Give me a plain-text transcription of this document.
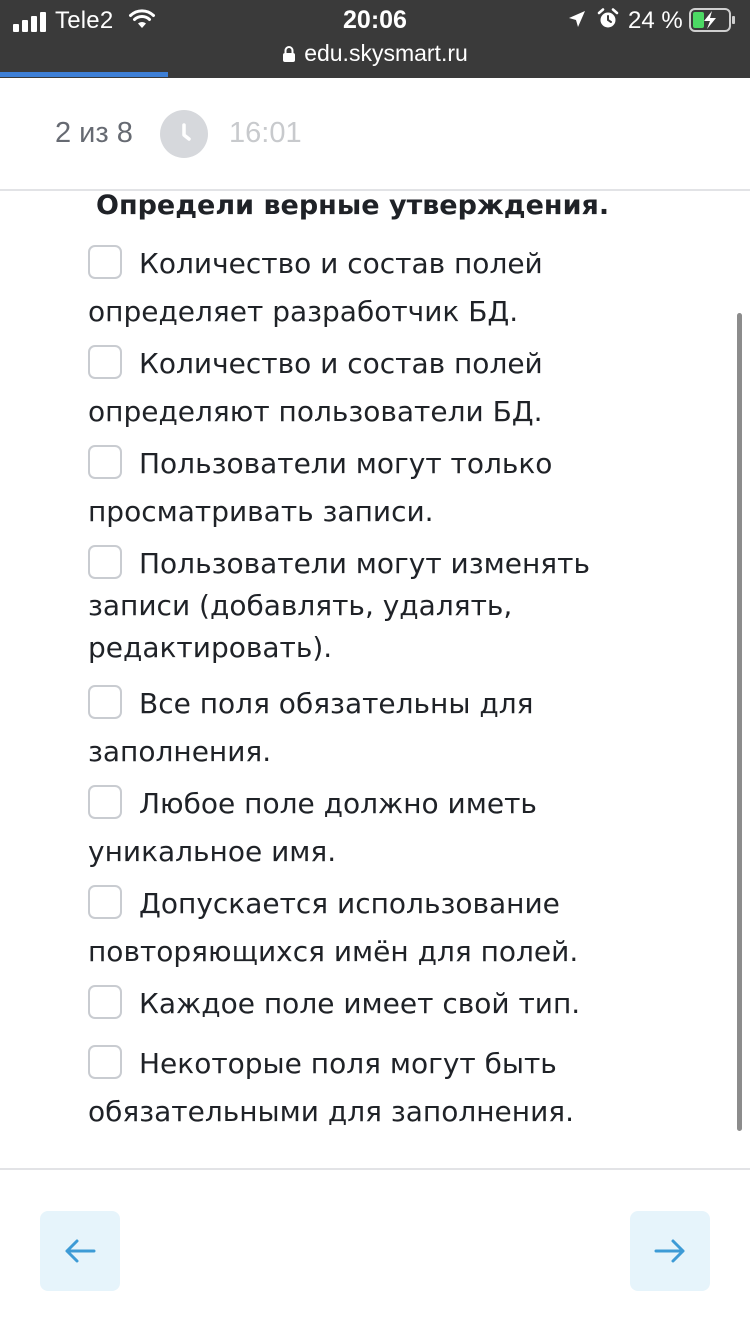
Tele2	20:06	24 %
edu.skysmart.ru
2 из 8	16:01
Определи верные утверждения.
Количество и состав полей определяет разработчик БД.
Количество и состав полей определяют пользователи БД.
Пользователи могут только просматривать записи.
Пользователи могут изменять записи (добавлять, удалять, редактировать).
Все поля обязательны для заполнения.
Любое поле должно иметь уникальное имя.
Допускается использование повторяющихся имён для полей.
Каждое поле имеет свой тип.
Некоторые поля могут быть обязательными для заполнения.
